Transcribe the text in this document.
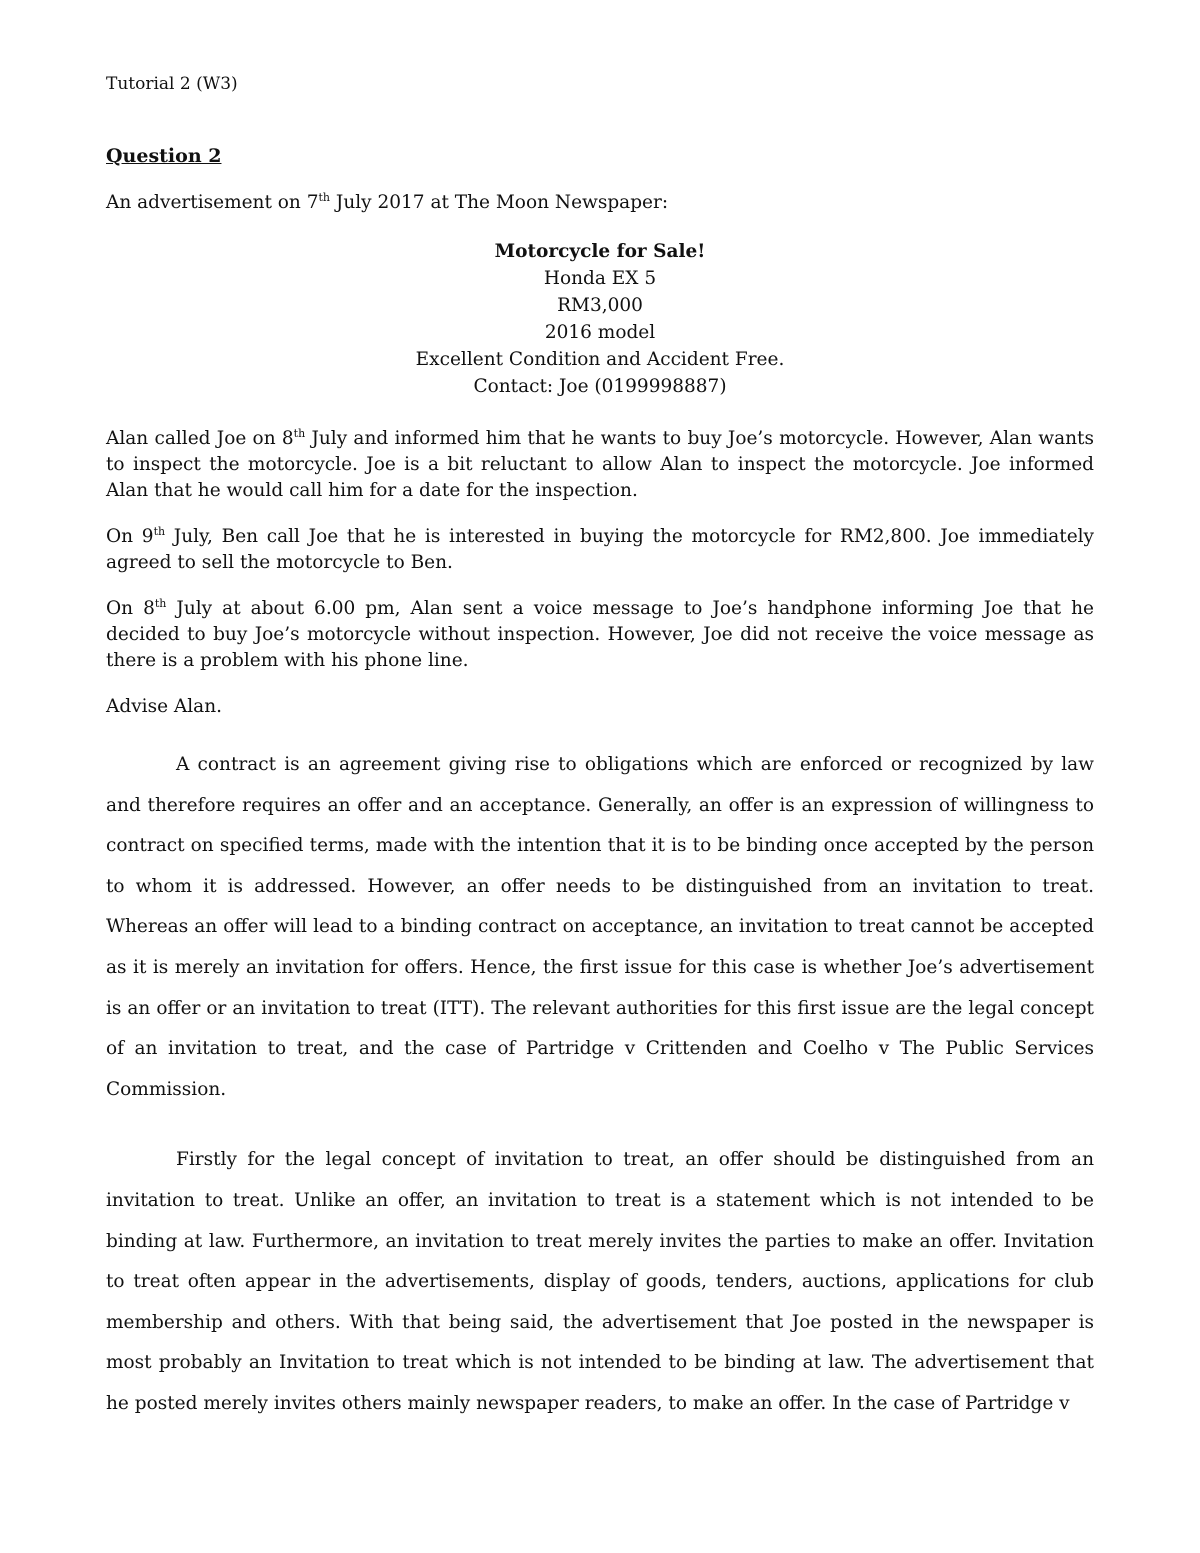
Tutorial 2 (W3)
Question 2
An advertisement on 7th July 2017 at The Moon Newspaper:
Motorcycle for Sale!
Honda EX 5
RM3,000
2016 model
Excellent Condition and Accident Free.
Contact: Joe (0199998887)

Alan called Joe on 8th July and informed him that he wants to buy Joe’s motorcycle. However, Alan wants to inspect the motorcycle. Joe is a bit reluctant to allow Alan to inspect the motorcycle. Joe informed Alan that he would call him for a date for the inspection.

On 9th July, Ben call Joe that he is interested in buying the motorcycle for RM2,800. Joe immediately agreed to sell the motorcycle to Ben.

On 8th July at about 6.00 pm, Alan sent a voice message to Joe’s handphone informing Joe that he decided to buy Joe’s motorcycle without inspection. However, Joe did not receive the voice message as there is a problem with his phone line.

Advise Alan.

A contract is an agreement giving rise to obligations which are enforced or recognized by law and therefore requires an offer and an acceptance. Generally, an offer is an expression of willingness to contract on specified terms, made with the intention that it is to be binding once accepted by the person to whom it is addressed. However, an offer needs to be distinguished from an invitation to treat. Whereas an offer will lead to a binding contract on acceptance, an invitation to treat cannot be accepted as it is merely an invitation for offers. Hence, the first issue for this case is whether Joe’s advertisement is an offer or an invitation to treat (ITT). The relevant authorities for this first issue are the legal concept of an invitation to treat, and the case of Partridge v Crittenden and Coelho v The Public Services Commission.

Firstly for the legal concept of invitation to treat, an offer should be distinguished from an invitation to treat. Unlike an offer, an invitation to treat is a statement which is not intended to be binding at law. Furthermore, an invitation to treat merely invites the parties to make an offer. Invitation to treat often appear in the advertisements, display of goods, tenders, auctions, applications for club membership and others. With that being said, the advertisement that Joe posted in the newspaper is most probably an Invitation to treat which is not intended to be binding at law. The advertisement that he posted merely invites others mainly newspaper readers, to make an offer. In the case of Partridge v
